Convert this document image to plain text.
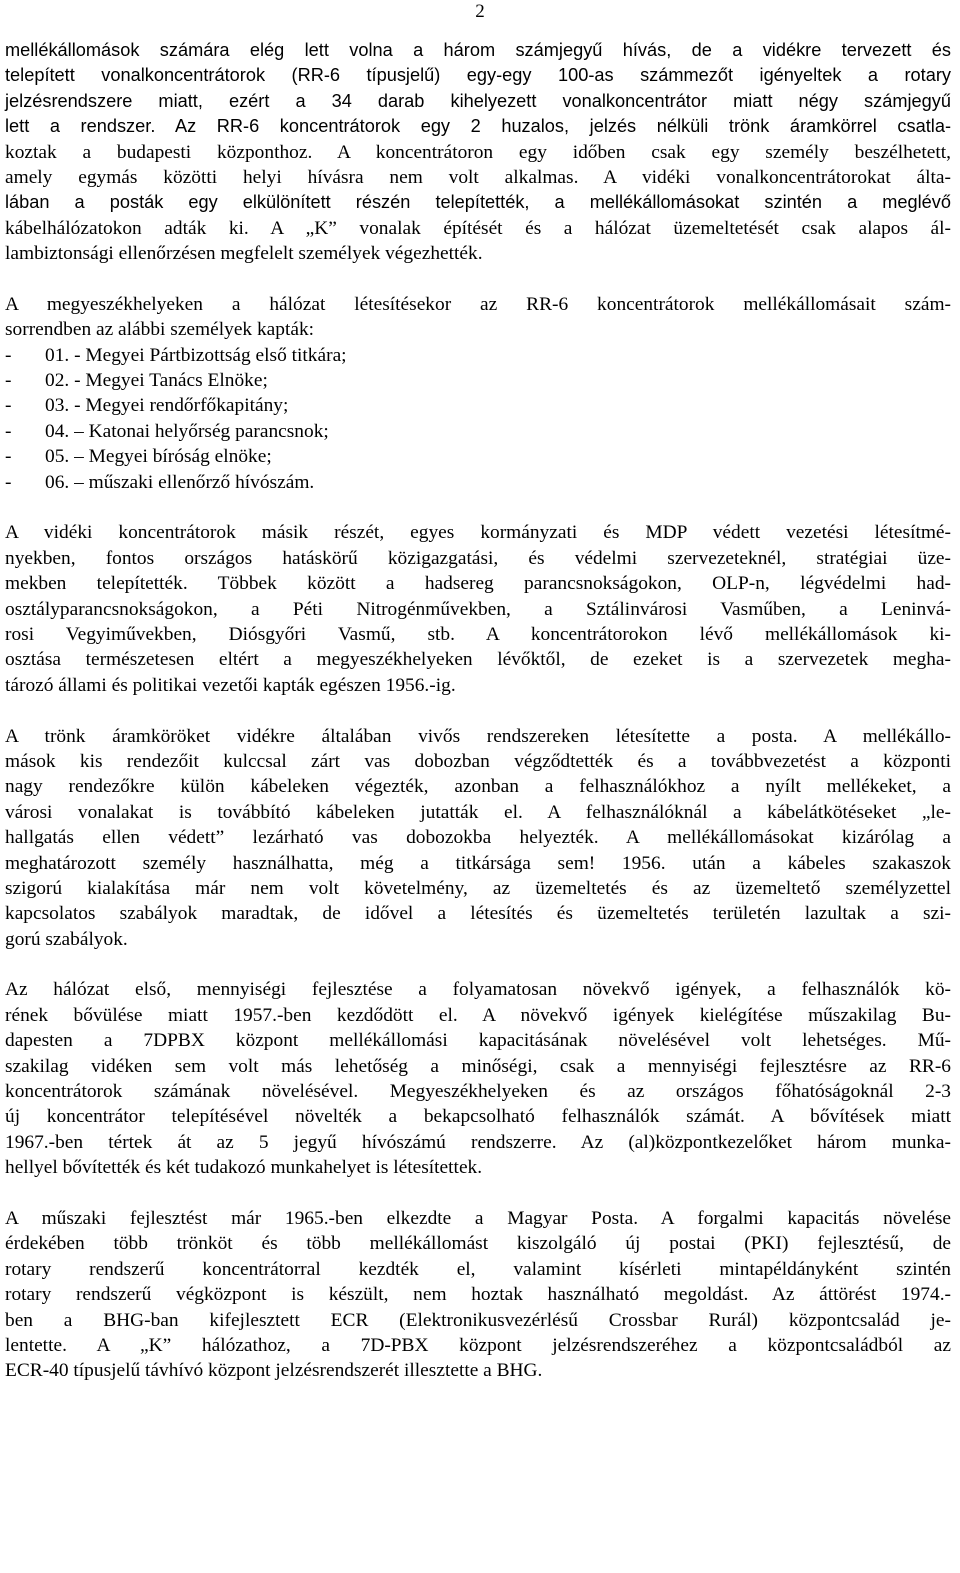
2
mellékállomások számára elég lett volna a három számjegyű hívás, de a vidékre tervezett és
telepített vonalkoncentrátorok (RR-6 típusjelű) egy-egy 100-as számmezőt igényeltek a rotary
jelzésrendszere miatt, ezért a 34 darab kihelyezett vonalkoncentrátor miatt négy számjegyű
lett a rendszer. Az RR-6 koncentrátorok egy 2 huzalos, jelzés nélküli trönk áramkörrel csatla-
koztak a budapesti központhoz. A koncentrátoron egy időben csak egy személy beszélhetett,
amely egymás közötti helyi hívásra nem volt alkalmas. A vidéki vonalkoncentrátorokat álta-
lában a posták egy elkülönített részén telepítették, a mellékállomásokat szintén a meglévő
kábelhálózatokon adták ki. A „K” vonalak építését és a hálózat üzemeltetését csak alapos ál-
lambiztonsági ellenőrzésen megfelelt személyek végezhették.
A megyeszékhelyeken a hálózat létesítésekor az RR-6 koncentrátorok mellékállomásait szám-
sorrendben az alábbi személyek kapták:
-	01. - Megyei Pártbizottság első titkára;
-	02. - Megyei Tanács Elnöke;
-	03. - Megyei rendőrfőkapitány;
-	04. – Katonai helyőrség parancsnok;
-	05. – Megyei bíróság elnöke;
-	06. – műszaki ellenőrző hívószám.
A vidéki koncentrátorok másik részét, egyes kormányzati és MDP védett vezetési létesítmé-
nyekben, fontos országos hatáskörű közigazgatási, és védelmi szervezeteknél, stratégiai üze-
mekben telepítették. Többek között a hadsereg parancsnokságokon, OLP-n, légvédelmi had-
osztályparancsnokságokon, a Péti Nitrogénművekben, a Sztálinvárosi Vasműben, a Leninvá-
rosi Vegyiművekben, Diósgyőri Vasmű, stb. A koncentrátorokon lévő mellékállomások ki-
osztása természetesen eltért a megyeszékhelyeken lévőktől, de ezeket is a szervezetek megha-
tározó állami és politikai vezetői kapták egészen 1956.-ig.
A trönk áramköröket vidékre általában vivős rendszereken létesítette a posta. A mellékállo-
mások kis rendezőit kulccsal zárt vas dobozban végződtették és a továbbvezetést a központi
nagy rendezőkre külön kábeleken végezték, azonban a felhasználókhoz a nyílt mellékeket, a
városi vonalakat is továbbító kábeleken jutatták el. A felhasználóknál a kábelátkötéseket „le-
hallgatás ellen védett” lezárható vas dobozokba helyezték. A mellékállomásokat kizárólag a
meghatározott személy használhatta, még a titkársága sem! 1956. után a kábeles szakaszok
szigorú kialakítása már nem volt követelmény, az üzemeltetés és az üzemeltető személyzettel
kapcsolatos szabályok maradtak, de idővel a létesítés és üzemeltetés területén lazultak a szi-
gorú szabályok.
Az hálózat első, mennyiségi fejlesztése a folyamatosan növekvő igények, a felhasználók kö-
rének bővülése miatt 1957.-ben kezdődött el. A növekvő igények kielégítése műszakilag Bu-
dapesten a 7DPBX központ mellékállomási kapacitásának növelésével volt lehetséges. Mű-
szakilag vidéken sem volt más lehetőség a minőségi, csak a mennyiségi fejlesztésre az RR-6
koncentrátorok számának növelésével. Megyeszékhelyeken és az országos főhatóságoknál 2-3
új koncentrátor telepítésével növelték a bekapcsolható felhasználók számát. A bővítések miatt
1967.-ben tértek át az 5 jegyű hívószámú rendszerre. Az (al)központkezelőket három munka-
hellyel bővítették és két tudakozó munkahelyet is létesítettek.
A műszaki fejlesztést már 1965.-ben elkezdte a Magyar Posta. A forgalmi kapacitás növelése
érdekében több trönköt és több mellékállomást kiszolgáló új postai (PKI) fejlesztésű, de
rotary rendszerű koncentrátorral kezdték el, valamint kísérleti mintapéldányként szintén
rotary rendszerű végközpont is készült, nem hoztak használható megoldást. Az áttörést 1974.-
ben a BHG-ban kifejlesztett ECR (Elektronikusvezérlésű Crossbar Rurál) központcsalád je-
lentette. A „K” hálózathoz, a 7D-PBX központ jelzésrendszeréhez a központcsaládból az
ECR-40 típusjelű távhívó központ jelzésrendszerét illesztette a BHG.
